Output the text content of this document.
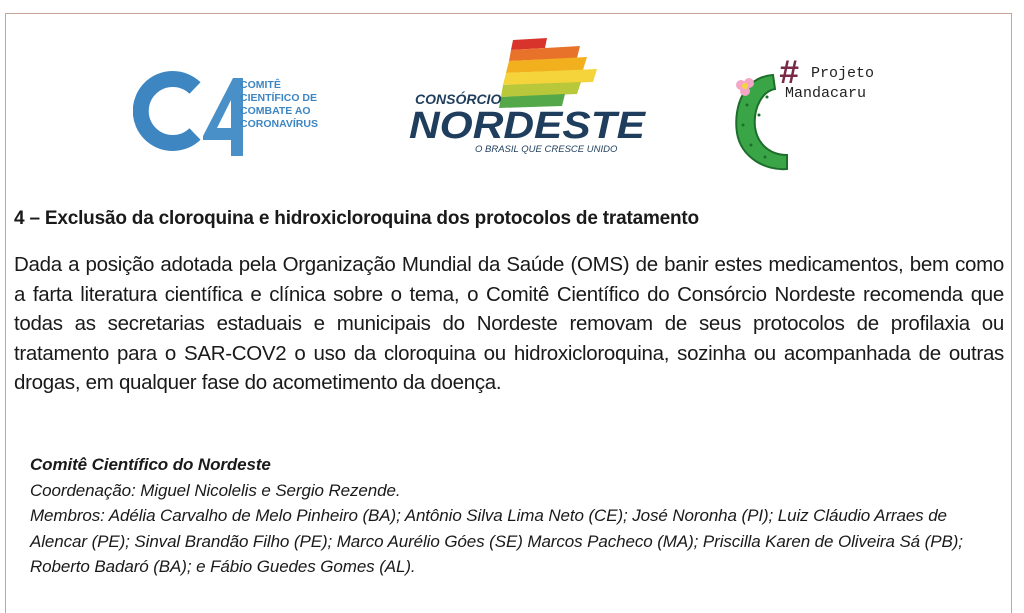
COMITÊ
CIENTÍFICO DE
COMBATE AO
CORONAVÍRUS
CONSÓRCIO
NORDESTE
O BRASIL QUE CRESCE UNIDO
# Projeto
Mandacaru
4 – Exclusão da cloroquina e hidroxicloroquina dos protocolos de tratamento
Dada a posição adotada pela Organização Mundial da Saúde (OMS) de banir estes medicamentos, bem como a farta literatura científica e clínica sobre o tema, o Comitê Científico do Consórcio Nordeste recomenda que todas as secretarias estaduais e municipais do Nordeste removam de seus protocolos de profilaxia ou tratamento para o SAR-COV2 o uso da cloroquina ou hidroxicloroquina, sozinha ou acompanhada de outras drogas, em qualquer fase do acometimento da doença.
Comitê Científico do Nordeste
Coordenação: Miguel Nicolelis e Sergio Rezende.
Membros: Adélia Carvalho de Melo Pinheiro (BA); Antônio Silva Lima Neto (CE); José Noronha (PI); Luiz Cláudio Arraes de Alencar (PE); Sinval Brandão Filho (PE); Marco Aurélio Góes (SE) Marcos Pacheco (MA); Priscilla Karen de Oliveira Sá (PB); Roberto Badaró (BA); e Fábio Guedes Gomes (AL).
